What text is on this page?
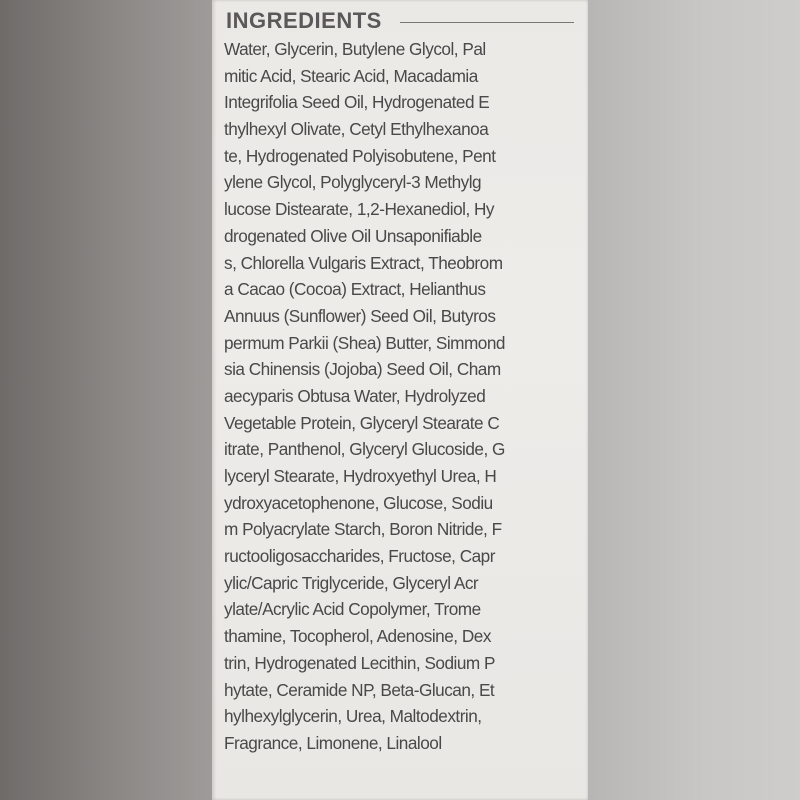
INGREDIENTS
Water, Glycerin, Butylene Glycol, Pal
mitic Acid, Stearic Acid, Macadamia
Integrifolia Seed Oil, Hydrogenated E
thylhexyl Olivate, Cetyl Ethylhexanoa
te, Hydrogenated Polyisobutene, Pent
ylene Glycol, Polyglyceryl-3 Methylg
lucose Distearate, 1,2-Hexanediol, Hy
drogenated Olive Oil Unsaponifiable
s, Chlorella Vulgaris Extract, Theobrom
a Cacao (Cocoa) Extract, Helianthus
Annuus (Sunflower) Seed Oil, Butyros
permum Parkii (Shea) Butter, Simmond
sia Chinensis (Jojoba) Seed Oil, Cham
aecyparis Obtusa Water, Hydrolyzed
Vegetable Protein, Glyceryl Stearate C
itrate, Panthenol, Glyceryl Glucoside, G
lyceryl Stearate, Hydroxyethyl Urea, H
ydroxyacetophenone, Glucose, Sodiu
m Polyacrylate Starch, Boron Nitride, F
ructooligosaccharides, Fructose, Capr
ylic/Capric Triglyceride, Glyceryl Acr
ylate/Acrylic Acid Copolymer, Trome
thamine, Tocopherol, Adenosine, Dex
trin, Hydrogenated Lecithin, Sodium P
hytate, Ceramide NP, Beta-Glucan, Et
hylhexylglycerin, Urea, Maltodextrin,
Fragrance, Limonene, Linalool
